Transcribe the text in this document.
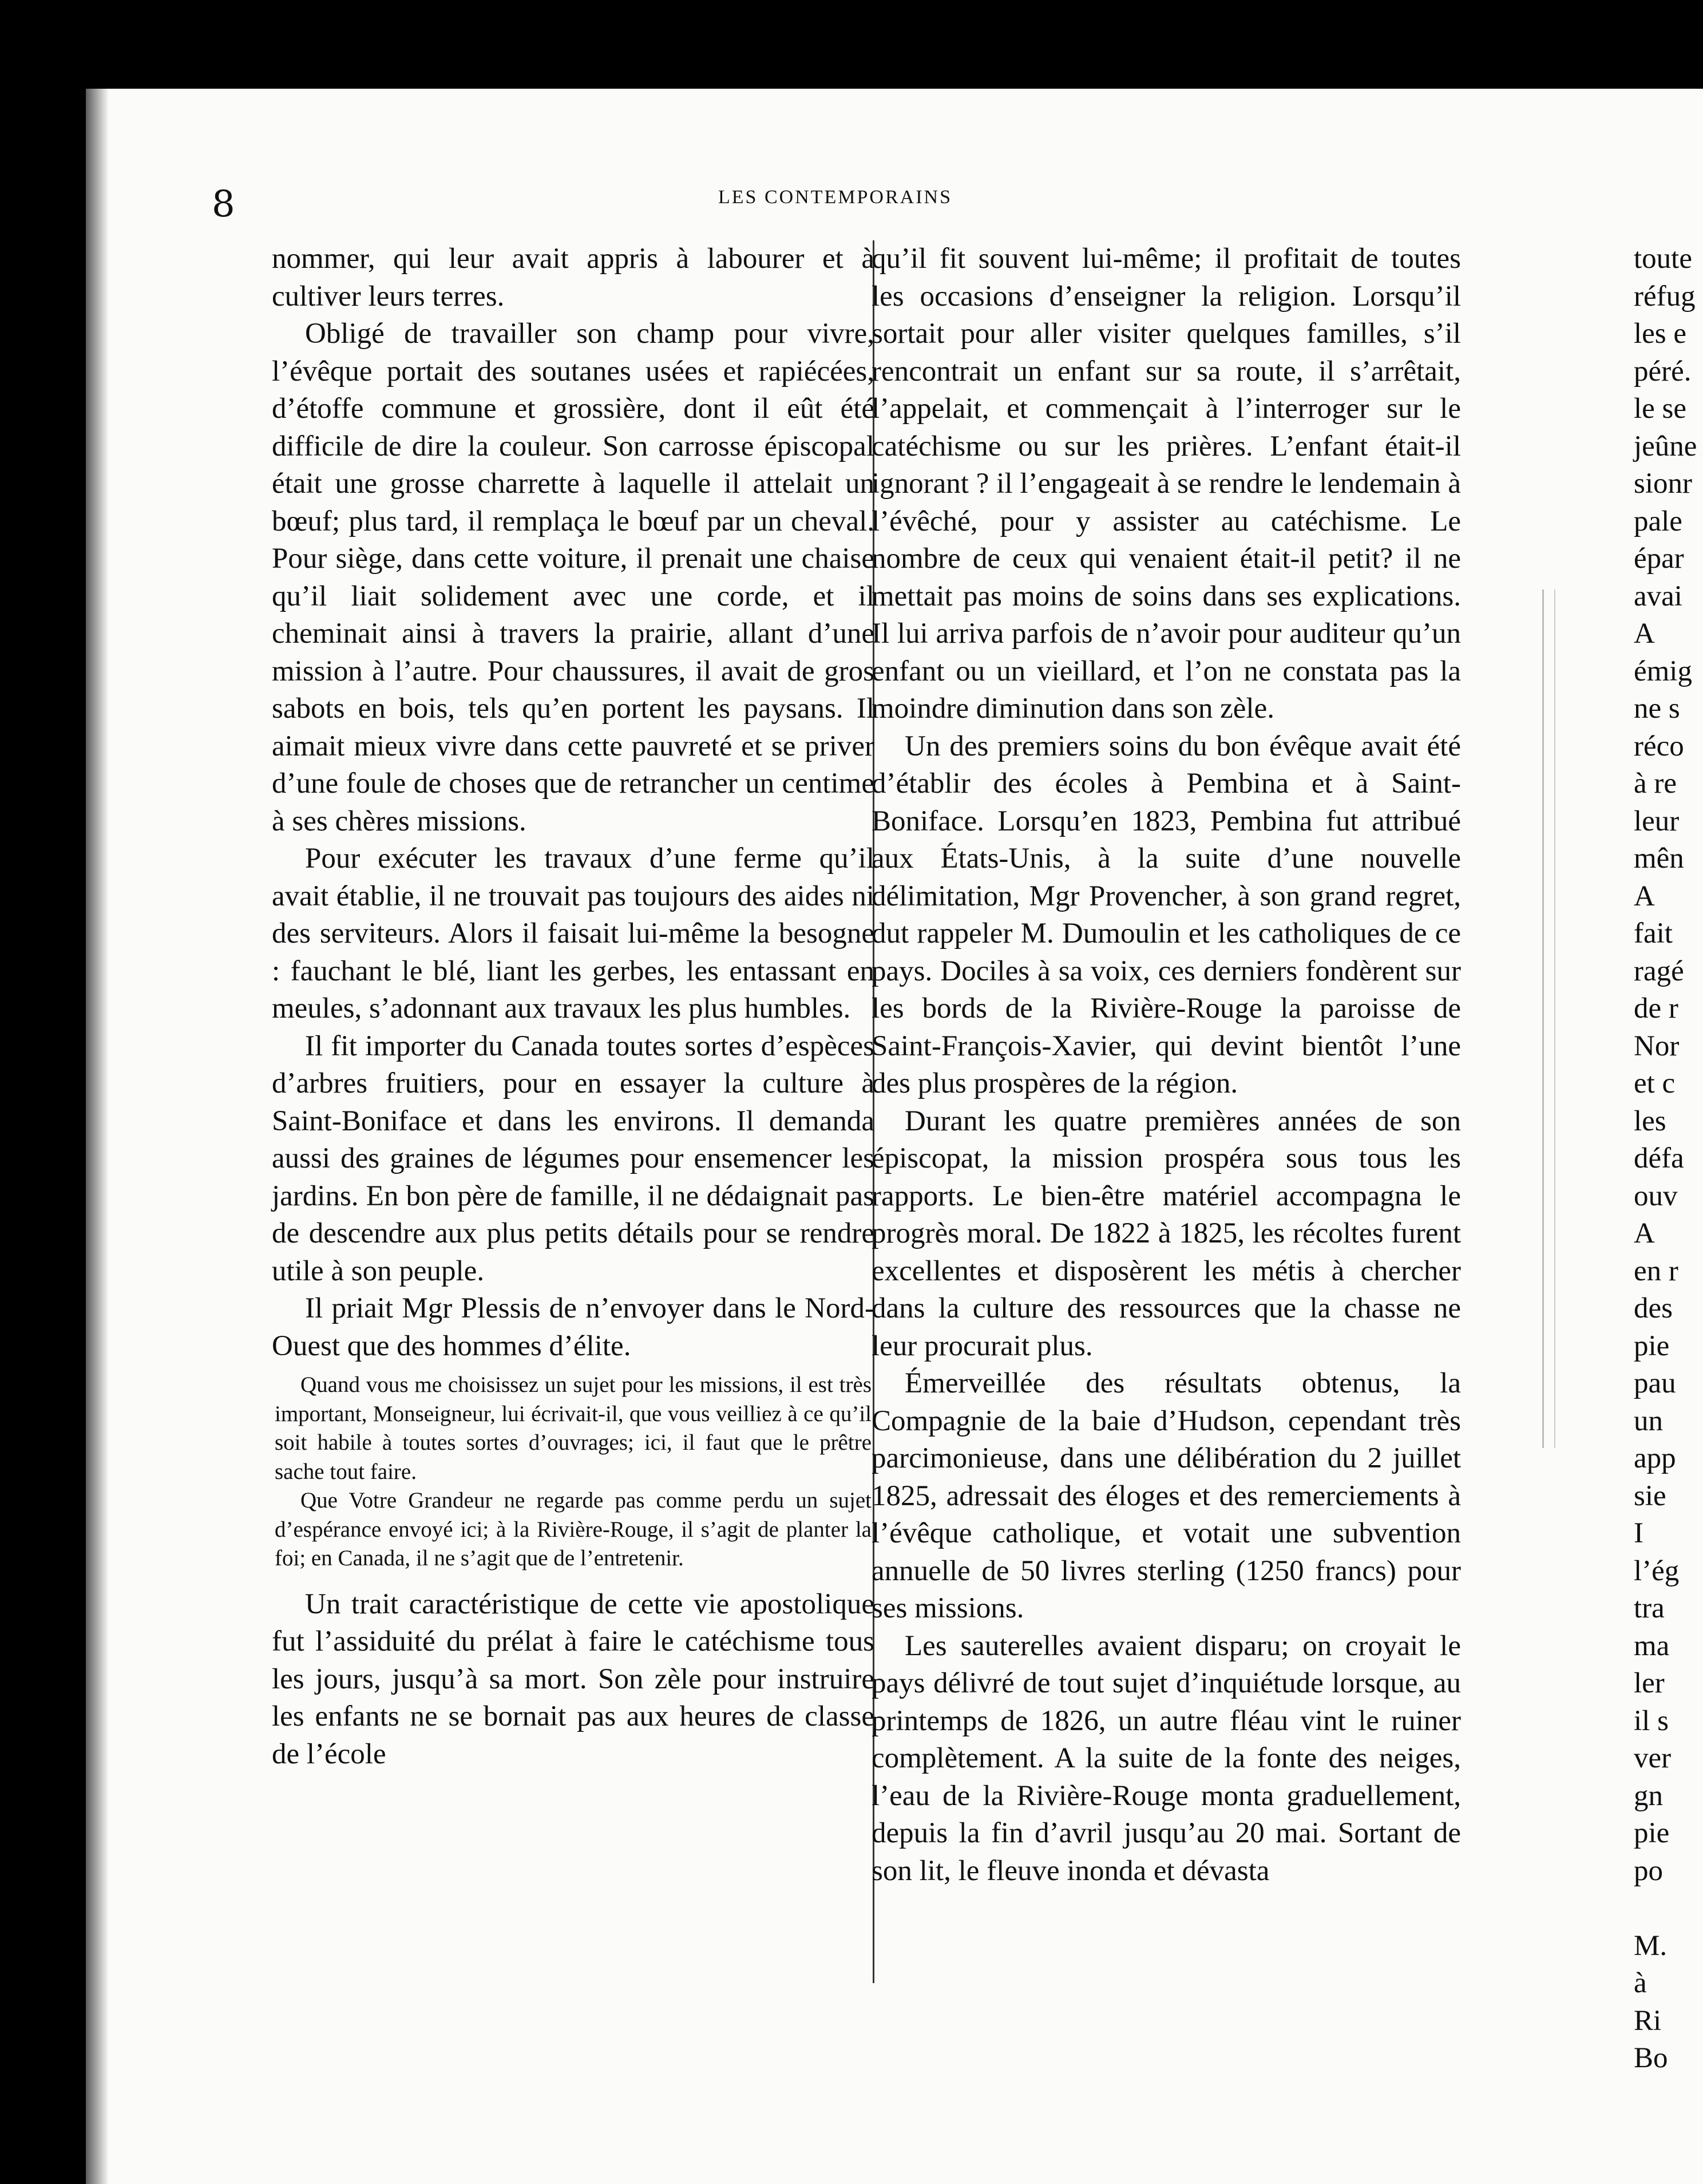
8	LES CONTEMPORAINS

nommer, qui leur avait appris à labourer et à cultiver leurs terres.

Obligé de travailler son champ pour vivre, l’évêque portait des soutanes usées et rapiécées, d’étoffe commune et grossière, dont il eût été difficile de dire la couleur. Son carrosse épiscopal était une grosse charrette à laquelle il attelait un bœuf; plus tard, il remplaça le bœuf par un cheval. Pour siège, dans cette voiture, il prenait une chaise qu’il liait solidement avec une corde, et il cheminait ainsi à travers la prairie, allant d’une mission à l’autre. Pour chaussures, il avait de gros sabots en bois, tels qu’en portent les paysans. Il aimait mieux vivre dans cette pauvreté et se priver d’une foule de choses que de retrancher un centime à ses chères missions.

Pour exécuter les travaux d’une ferme qu’il avait établie, il ne trouvait pas toujours des aides ni des serviteurs. Alors il faisait lui-même la besogne : fauchant le blé, liant les gerbes, les entassant en meules, s’adonnant aux travaux les plus humbles.

Il fit importer du Canada toutes sortes d’espèces d’arbres fruitiers, pour en essayer la culture à Saint-Boniface et dans les environs. Il demanda aussi des graines de légumes pour ensemencer les jardins. En bon père de famille, il ne dédaignait pas de descendre aux plus petits détails pour se rendre utile à son peuple.

Il priait Mgr Plessis de n’envoyer dans le Nord-Ouest que des hommes d’élite.

Quand vous me choisissez un sujet pour les missions, il est très important, Monseigneur, lui écrivait-il, que vous veilliez à ce qu’il soit habile à toutes sortes d’ouvrages; ici, il faut que le prêtre sache tout faire.

Que Votre Grandeur ne regarde pas comme perdu un sujet d’espérance envoyé ici; à la Rivière-Rouge, il s’agit de planter la foi; en Canada, il ne s’agit que de l’entretenir.

Un trait caractéristique de cette vie apostolique fut l’assiduité du prélat à faire le catéchisme tous les jours, jusqu’à sa mort. Son zèle pour instruire les enfants ne se bornait pas aux heures de classe de l’école

qu’il fit souvent lui-même; il profitait de toutes les occasions d’enseigner la religion. Lorsqu’il sortait pour aller visiter quelques familles, s’il rencontrait un enfant sur sa route, il s’arrêtait, l’appelait, et commençait à l’interroger sur le catéchisme ou sur les prières. L’enfant était-il ignorant ? il l’engageait à se rendre le lendemain à l’évêché, pour y assister au catéchisme. Le nombre de ceux qui venaient était-il petit? il ne mettait pas moins de soins dans ses explications. Il lui arriva parfois de n’avoir pour auditeur qu’un enfant ou un vieillard, et l’on ne constata pas la moindre diminution dans son zèle.

Un des premiers soins du bon évêque avait été d’établir des écoles à Pembina et à Saint-Boniface. Lorsqu’en 1823, Pembina fut attribué aux États-Unis, à la suite d’une nouvelle délimitation, Mgr Provencher, à son grand regret, dut rappeler M. Dumoulin et les catholiques de ce pays. Dociles à sa voix, ces derniers fondèrent sur les bords de la Rivière-Rouge la paroisse de Saint-François-Xavier, qui devint bientôt l’une des plus prospères de la région.

Durant les quatre premières années de son épiscopat, la mission prospéra sous tous les rapports. Le bien-être matériel accompagna le progrès moral. De 1822 à 1825, les récoltes furent excellentes et disposèrent les métis à chercher dans la culture des ressources que la chasse ne leur procurait plus.

Émerveillée des résultats obtenus, la Compagnie de la baie d’Hudson, cependant très parcimonieuse, dans une délibération du 2 juillet 1825, adressait des éloges et des remerciements à l’évêque catholique, et votait une subvention annuelle de 50 livres sterling (1250 francs) pour ses missions.

Les sauterelles avaient disparu; on croyait le pays délivré de tout sujet d’inquiétude lorsque, au printemps de 1826, un autre fléau vint le ruiner complètement. A la suite de la fonte des neiges, l’eau de la Rivière-Rouge monta graduellement, depuis la fin d’avril jusqu’au 20 mai. Sortant de son lit, le fleuve inonda et dévasta

toute
réfug
les e
péré.
le se
jeûne
sionr
pale
épar
avai
A
émig
ne s
réco
à re
leur
mên
A
fait
ragé
de r
Nor
et c
les
défa
ouv
A
en r
des
pie
pau
un
app
sie
I
l’ég
tra
ma
ler
il s
ver
gn
pie
po

M.
à
Ri
Bo
